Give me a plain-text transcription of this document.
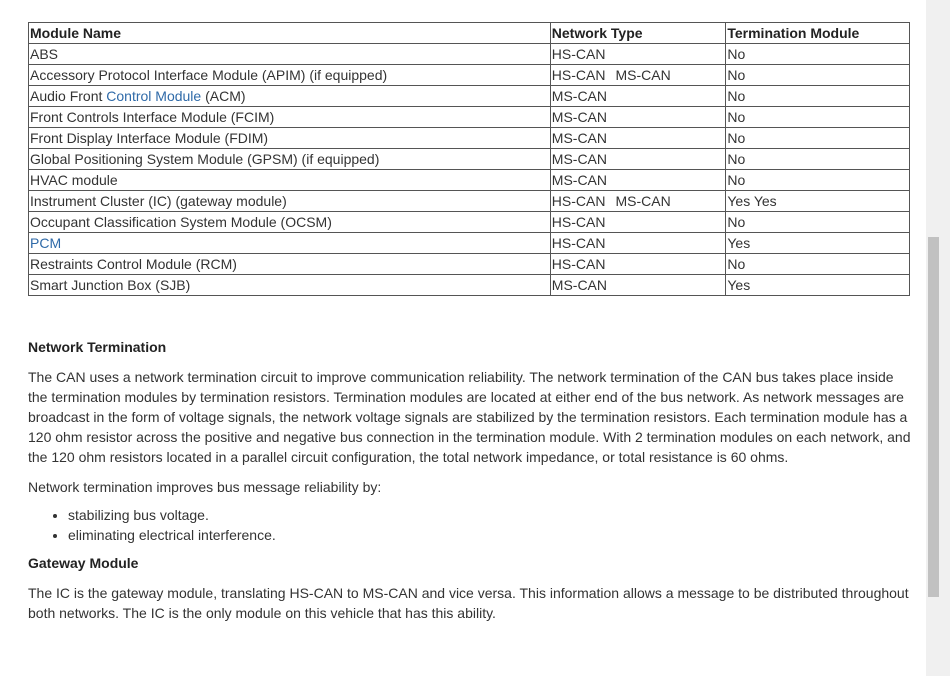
Module Name	Network Type	Termination Module
ABS	HS-CAN	No
Accessory Protocol Interface Module (APIM) (if equipped)	HS-CAN MS-CAN	No
Audio Front Control Module (ACM)	MS-CAN	No
Front Controls Interface Module (FCIM)	MS-CAN	No
Front Display Interface Module (FDIM)	MS-CAN	No
Global Positioning System Module (GPSM) (if equipped)	MS-CAN	No
HVAC module	MS-CAN	No
Instrument Cluster (IC) (gateway module)	HS-CAN MS-CAN	Yes Yes
Occupant Classification System Module (OCSM)	HS-CAN	No
PCM	HS-CAN	Yes
Restraints Control Module (RCM)	HS-CAN	No
Smart Junction Box (SJB)	MS-CAN	Yes
Network Termination

The CAN uses a network termination circuit to improve communication reliability. The network termination of the CAN bus takes place inside the termination modules by termination resistors. Termination modules are located at either end of the bus network. As network messages are broadcast in the form of voltage signals, the network voltage signals are stabilized by the termination resistors. Each termination module has a 120 ohm resistor across the positive and negative bus connection in the termination module. With 2 termination modules on each network, and the 120 ohm resistors located in a parallel circuit configuration, the total network impedance, or total resistance is 60 ohms.

Network termination improves bus message reliability by:

• stabilizing bus voltage.
• eliminating electrical interference.
Gateway Module

The IC is the gateway module, translating HS-CAN to MS-CAN and vice versa. This information allows a message to be distributed throughout both networks. The IC is the only module on this vehicle that has this ability.
